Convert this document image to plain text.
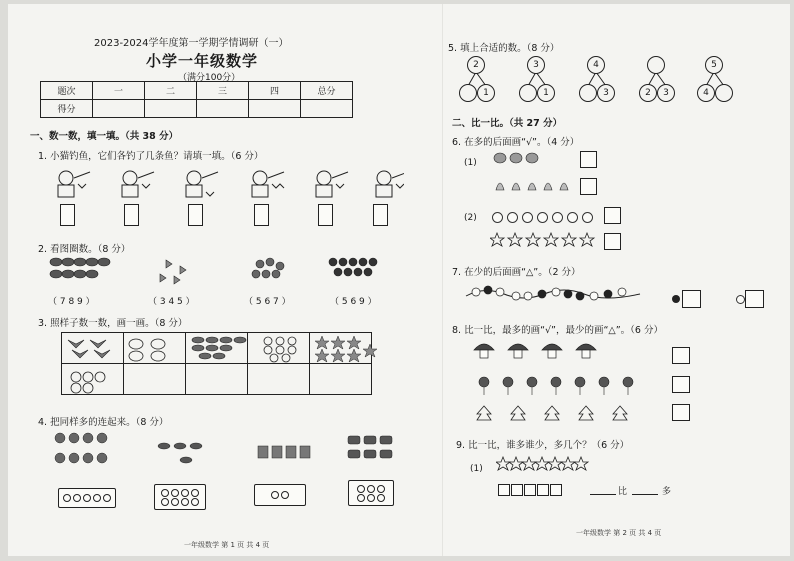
2023-2024学年度第一学期学情调研（一）
小学一年级数学
（满分100分）
题次	一	二	三	四	总分
得分					
一、数一数，填一填。（共 38 分）
1. 小猫钓鱼，它们各钓了几条鱼？请填一填。（6 分）
2. 看图圈数。（8 分）
（ 7 8 9 ）	（ 3 4 5 ）	（ 5 6 7 ）	（ 5 6 9 ）
3. 照样子数一数，画一画。（8 分）

4. 把同样多的连起来。（8 分）
一年级数学 第 1 页 共 4 页
5. 填上合适的数。（8 分）
2
1
3
1
4
3	2	3
5
4
二、比一比。（共 27 分）
6. 在多的后面画“√”。（4 分）
(1)
(2)
7. 在少的后面画“△”。（2 分）
8. 比一比，最多的画“√”，最少的画“△”。（6 分）
9. 比一比，谁多谁少，多几个？（6 分）
(1)
比	多
一年级数学 第 2 页 共 4 页
